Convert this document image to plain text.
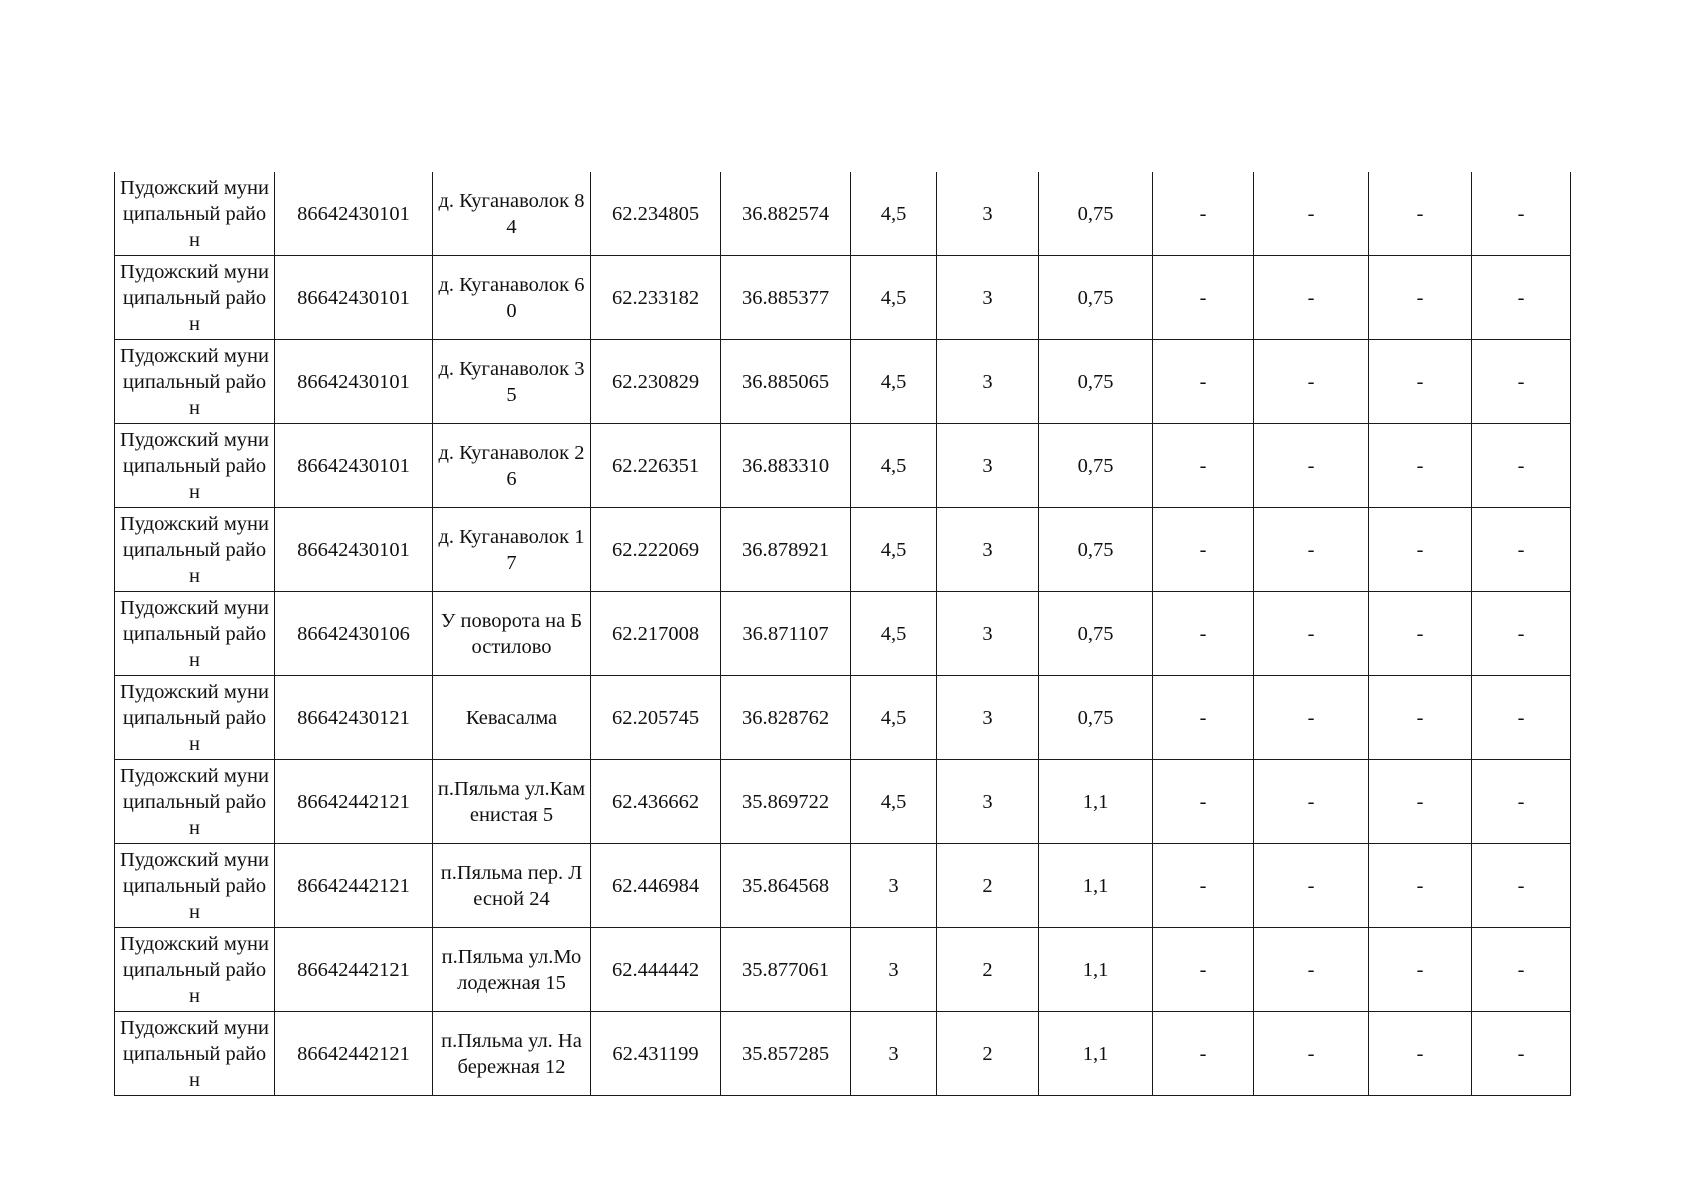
Пудожский муниципальный район	86642430101	д. Куганаволок 84	62.234805	36.882574	4,5	3	0,75	-	-	-	-
Пудожский муниципальный район	86642430101	д. Куганаволок 60	62.233182	36.885377	4,5	3	0,75	-	-	-	-
Пудожский муниципальный район	86642430101	д. Куганаволок 35	62.230829	36.885065	4,5	3	0,75	-	-	-	-
Пудожский муниципальный район	86642430101	д. Куганаволок 26	62.226351	36.883310	4,5	3	0,75	-	-	-	-
Пудожский муниципальный район	86642430101	д. Куганаволок 17	62.222069	36.878921	4,5	3	0,75	-	-	-	-
Пудожский муниципальный район	86642430106	У поворота на Бостилово	62.217008	36.871107	4,5	3	0,75	-	-	-	-
Пудожский муниципальный район	86642430121	Кевасалма	62.205745	36.828762	4,5	3	0,75	-	-	-	-
Пудожский муниципальный район	86642442121	п.Пяльма ул.Каменистая 5	62.436662	35.869722	4,5	3	1,1	-	-	-	-
Пудожский муниципальный район	86642442121	п.Пяльма пер. Лесной 24	62.446984	35.864568	3	2	1,1	-	-	-	-
Пудожский муниципальный район	86642442121	п.Пяльма ул.Молодежная 15	62.444442	35.877061	3	2	1,1	-	-	-	-
Пудожский муниципальный район	86642442121	п.Пяльма ул. Набережная 12	62.431199	35.857285	3	2	1,1	-	-	-	-
